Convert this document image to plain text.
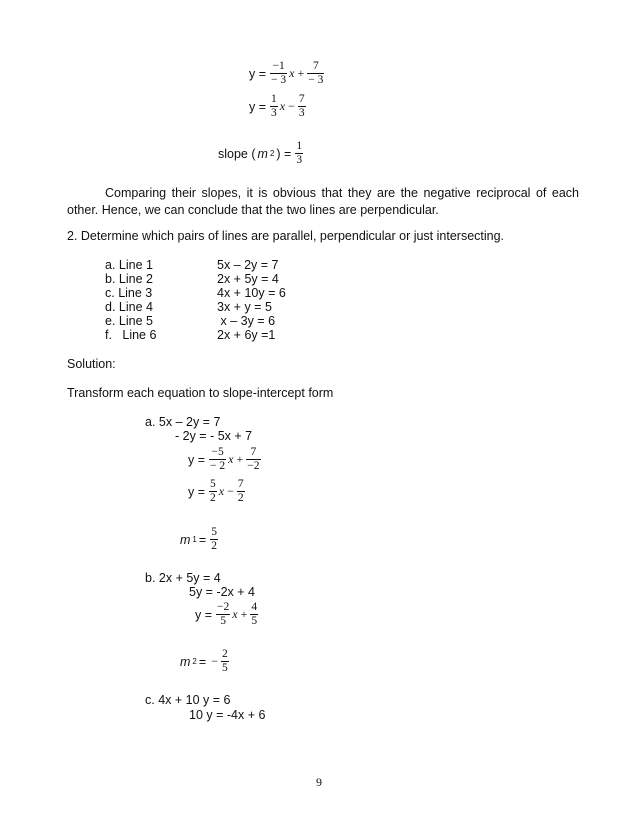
$y = \frac{-1}{- 3}$ $x + \frac{7}{- 3}$
$y = \frac{1}{3}$ $x - \frac{7}{3}$
slope ( m 2 ) = $\frac{1}{3}$
Comparing their slopes, it is obvious that they are the negative reciprocal of each other. Hence, we can conclude that the two lines are perpendicular.
2. Determine which pairs of lines are parallel, perpendicular or just intersecting.
a. Line 1	5x – 2y = 7
b. Line 2	2x + 5y = 4
c. Line 3	4x + 10y = 6
d. Line 4	3x + y = 5
e. Line 5	x – 3y = 6
f.   Line 6	2x + 6y =1
Solution:
Transform each equation to slope-intercept form
a. 5x – 2y = 7
- 2y = - 5x + 7
$y = \frac{-5}{- 2}$ $x + \frac{7}{-2}$
$y = \frac{5}{2}$ $x - \frac{7}{2}$
m $1 = \frac{5}{2}$
b. 2x + 5y = 4
5y = -2x + 4
$y = \frac{-2}{5}$ $x + \frac{4}{5}$
m 2 = − $\frac{2}{5}$
c. 4x + 10 y = 6
10 y = -4x + 6
9
